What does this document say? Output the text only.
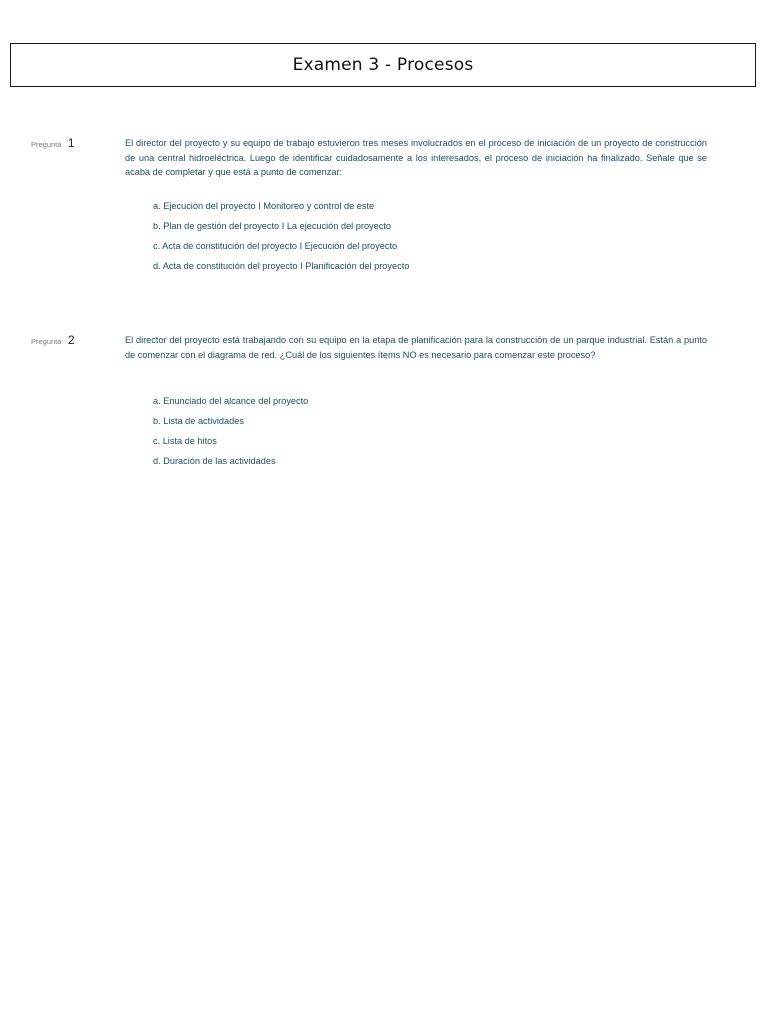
Examen 3 - Procesos
Pregunta 1	El director del proyecto y su equipo de trabajo estuvieron tres meses involucrados en el proceso de iniciación de un proyecto de construcción de una central hidroeléctrica. Luego de identificar cuidadosamente a los interesados, el proceso de iniciación ha finalizado. Señale que se acaba de completar y que está a punto de comenzar:
a. Ejecución del proyecto I Monitoreo y control de este
b. Plan de gestión del proyecto I La ejecución del proyecto
c. Acta de constitución del proyecto I Ejecución del proyecto
d. Acta de constitución del proyecto I Planificación del proyecto
Pregunta 2	El director del proyecto está trabajando con su equipo en la etapa de planificación para la construcción de un parque industrial. Están a punto de comenzar con el diagrama de red. ¿Cuál de los siguientes ítems NO es necesario para comenzar este proceso?
a. Enunciado del alcance del proyecto
b. Lista de actividades
c. Lista de hitos
d. Duración de las actividades
